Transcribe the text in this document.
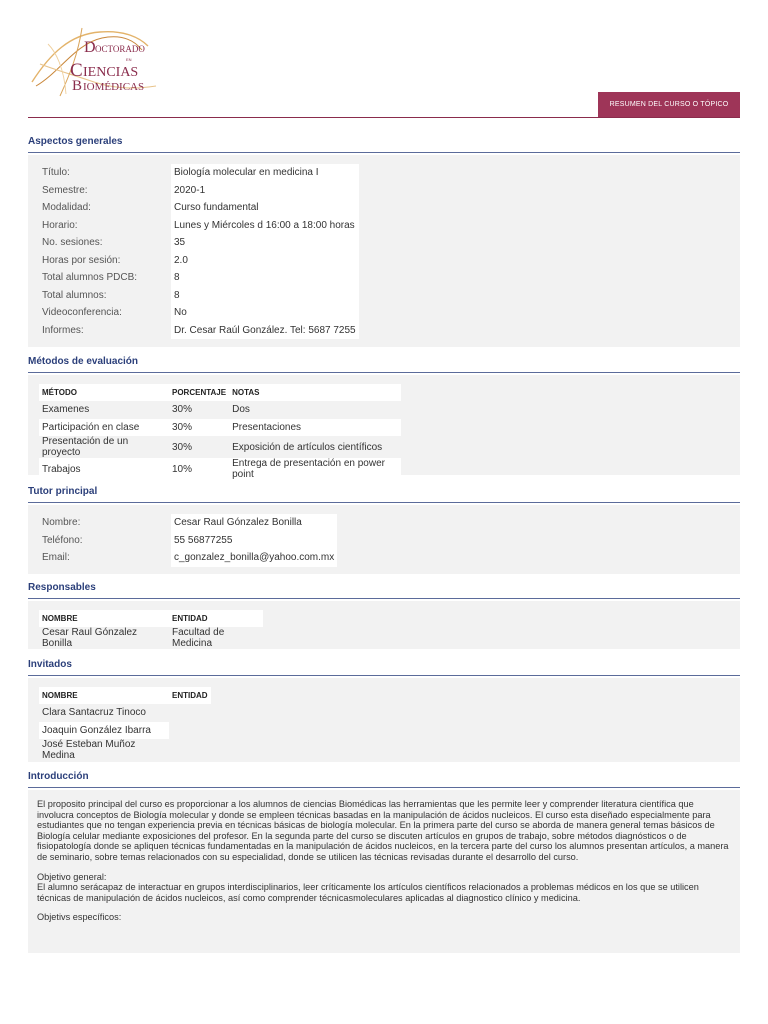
D OCTORADO
EN
C IENCIAS
B IOMÉDICAS
RESUMEN DEL CURSO O TÓPICO
Aspectos generales
Título:	Biología molecular en medicina I
Semestre:	2020-1
Modalidad:	Curso fundamental
Horario:	Lunes y Miércoles d 16:00 a 18:00 horas
No. sesiones:	35
Horas por sesión:	2.0
Total alumnos PDCB:	8
Total alumnos:	8
Videoconferencia:	No
Informes:	Dr. Cesar Raúl González. Tel: 5687 7255
Métodos de evaluación
MÉTODO	PORCENTAJE	NOTAS
Examenes	30%	Dos
Participación en clase	30%	Presentaciones
Presentación de un proyecto	30%	Exposición de artículos científicos
Trabajos	10%	Entrega de presentación en power point
Tutor principal
Nombre:	Cesar Raul Gónzalez Bonilla
Teléfono:	55 56877255
Email:	c_gonzalez_bonilla@yahoo.com.mx
Responsables
NOMBRE	ENTIDAD
Cesar Raul Gónzalez Bonilla	Facultad de Medicina
Invitados
NOMBRE	ENTIDAD
Clara Santacruz Tinoco	
Joaquin González Ibarra	
José Esteban Muñoz Medina	
Introducción

El proposito principal del curso es proporcionar a los alumnos de ciencias Biomédicas las herramientas que les permite leer y comprender literatura científica que involucra conceptos de Biología molecular y donde se empleen técnicas basadas en la manipulación de ácidos nucleicos. El curso esta diseñado especialmente para estudiantes que no tengan experiencia previa en técnicas básicas de biología molecular. En la primera parte del curso se aborda de manera general temas básicos de Biología celular mediante exposiciones del profesor. En la segunda parte del curso se discuten artículos en grupos de trabajo, sobre métodos diagnósticos o de fisiopatología donde se apliquen técnicas fundamentadas en la manipulación de ácidos nucleicos, en la tercera parte del curso los alumnos presentan artículos, a manera de seminario, sobre temas relacionados con su especialidad, donde se utilicen las técnicas revisadas durante el desarrollo del curso.

Objetivo general:
El alumno serácapaz de interactuar en grupos interdisciplinarios, leer críticamente los artículos científicos relacionados a problemas médicos en los que se utilicen técnicas de manipulación de ácidos nucleicos, así como comprender técnicasmoleculares aplicadas al diagnostico clínico y medicina.

Objetivs específicos:
